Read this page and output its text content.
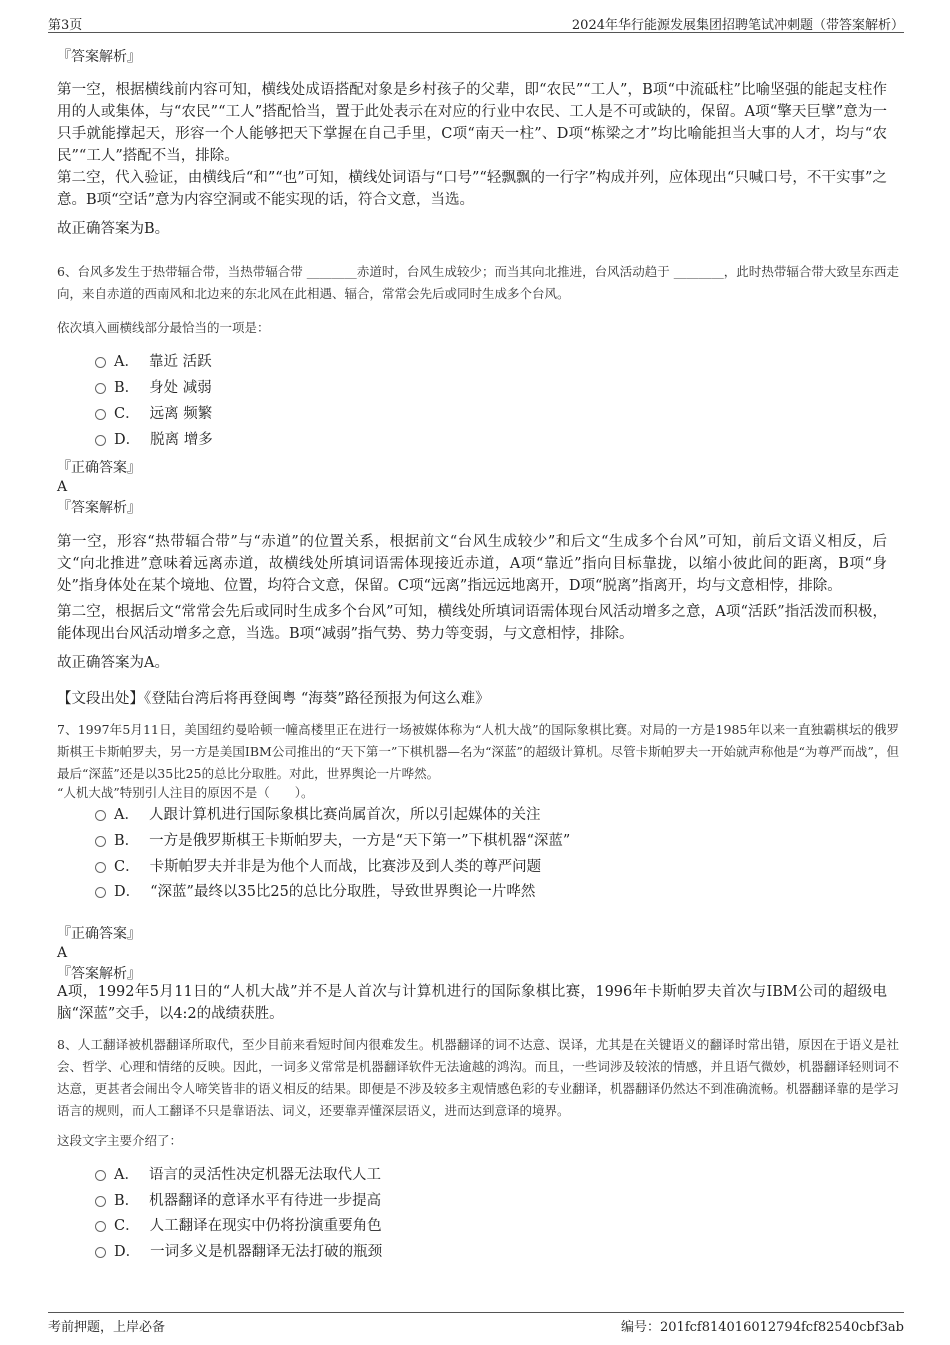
第3页	2024年华行能源发展集团招聘笔试冲刺题（带答案解析）
『答案解析』

第一空，根据横线前内容可知，横线处成语搭配对象是乡村孩子的父辈，即“农民”“工人”，B项“中流砥柱”比喻坚强的能起支柱作用的人或集体，与“农民”“工人”搭配恰当，置于此处表示在对应的行业中农民、工人是不可或缺的，保留。A项“擎天巨擘”意为一只手就能撑起天，形容一个人能够把天下掌握在自己手里，C项“南天一柱”、D项“栋梁之才”均比喻能担当大事的人才，均与“农民”“工人”搭配不当，排除。

第二空，代入验证，由横线后“和”“也”可知，横线处词语与“口号”“轻飘飘的一行字”构成并列，应体现出“只喊口号，不干实事”之意。B项“空话”意为内容空洞或不能实现的话，符合文意，当选。

故正确答案为B。

6、台风多发生于热带辐合带，当热带辐合带 ________赤道时，台风生成较少；而当其向北推进，台风活动趋于 ________，此时热带辐合带大致呈东西走向，来自赤道的西南风和北边来的东北风在此相遇、辐合，常常会先后或同时生成多个台风。

依次填入画横线部分最恰当的一项是：
A． 靠近 活跃
B． 身处 减弱
C． 远离 频繁
D． 脱离 增多
『正确答案』
A
『答案解析』

第一空，形容“热带辐合带”与“赤道”的位置关系，根据前文“台风生成较少”和后文“生成多个台风”可知，前后文语义相反，后文“向北推进”意味着远离赤道，故横线处所填词语需体现接近赤道，A项“靠近”指向目标靠拢，以缩小彼此间的距离，B项“身处”指身体处在某个境地、位置，均符合文意，保留。C项“远离”指远远地离开，D项“脱离”指离开，均与文意相悖，排除。

第二空，根据后文“常常会先后或同时生成多个台风”可知，横线处所填词语需体现台风活动增多之意，A项“活跃”指活泼而积极，能体现出台风活动增多之意，当选。B项“减弱”指气势、势力等变弱，与文意相悖，排除。

故正确答案为A。

【文段出处】《登陆台湾后将再登闽粤 “海葵”路径预报为何这么难》

7、1997年5月11日，美国纽约曼哈顿一幢高楼里正在进行一场被媒体称为“人机大战”的国际象棋比赛。对局的一方是1985年以来一直独霸棋坛的俄罗斯棋王卡斯帕罗夫，另一方是美国IBM公司推出的“天下第一”下棋机器—名为“深蓝”的超级计算机。尽管卡斯帕罗夫一开始就声称他是“为尊严而战”，但最后“深蓝”还是以35比25的总比分取胜。对此，世界舆论一片哗然。

“人机大战”特别引人注目的原因不是（　　）。
A． 人跟计算机进行国际象棋比赛尚属首次，所以引起媒体的关注
B． 一方是俄罗斯棋王卡斯帕罗夫，一方是“天下第一”下棋机器“深蓝”
C． 卡斯帕罗夫并非是为他个人而战，比赛涉及到人类的尊严问题
D． “深蓝”最终以35比25的总比分取胜，导致世界舆论一片哗然
『正确答案』
A
『答案解析』

A项，1992年5月11日的“人机大战”并不是人首次与计算机进行的国际象棋比赛，1996年卡斯帕罗夫首次与IBM公司的超级电脑“深蓝”交手，以4:2的战绩获胜。

8、人工翻译被机器翻译所取代，至少目前来看短时间内很难发生。机器翻译的词不达意、误译，尤其是在关键语义的翻译时常出错，原因在于语义是社会、哲学、心理和情绪的反映。因此，一词多义常常是机器翻译软件无法逾越的鸿沟。而且，一些词涉及较浓的情感，并且语气微妙，机器翻译轻则词不达意，更甚者会闹出令人啼笑皆非的语义相反的结果。即便是不涉及较多主观情感色彩的专业翻译，机器翻译仍然达不到准确流畅。机器翻译靠的是学习语言的规则，而人工翻译不只是靠语法、词义，还要靠弄懂深层语义，进而达到意译的境界。

这段文字主要介绍了：
A． 语言的灵活性决定机器无法取代人工
B． 机器翻译的意译水平有待进一步提高
C． 人工翻译在现实中仍将扮演重要角色
D． 一词多义是机器翻译无法打破的瓶颈
考前押题，上岸必备	编号：201fcf814016012794fcf82540cbf3ab
